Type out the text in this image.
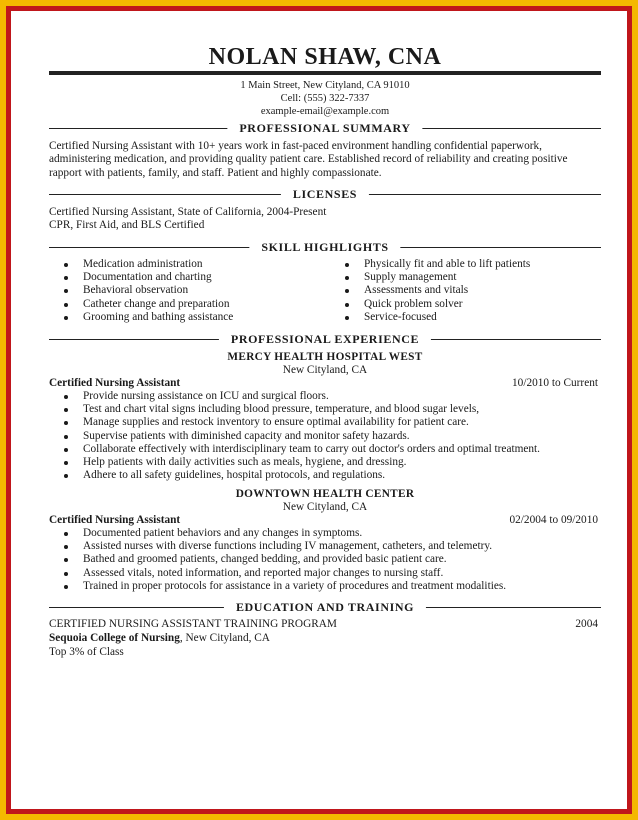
NOLAN SHAW, CNA
1 Main Street, New Cityland, CA 91010
Cell: (555) 322-7337
example-email@example.com
PROFESSIONAL SUMMARY
Certified Nursing Assistant with 10+ years work in fast-paced environment handling confidential paperwork,
administering medication, and providing quality patient care. Established record of reliability and creating positive
rapport with patients, family, and staff. Patient and highly compassionate.
LICENSES
Certified Nursing Assistant, State of California, 2004-Present
CPR, First Aid, and BLS Certified
SKILL HIGHLIGHTS
Medication administration
Documentation and charting
Behavioral observation
Catheter change and preparation
Grooming and bathing assistance
Physically fit and able to lift patients
Supply management
Assessments and vitals
Quick problem solver
Service-focused
PROFESSIONAL EXPERIENCE
MERCY HEALTH HOSPITAL WEST
New Cityland, CA
Certified Nursing Assistant	10/2010 to Current
Provide nursing assistance on ICU and surgical floors.
Test and chart vital signs including blood pressure, temperature, and blood sugar levels,
Manage supplies and restock inventory to ensure optimal availability for patient care.
Supervise patients with diminished capacity and monitor safety hazards.
Collaborate effectively with interdisciplinary team to carry out doctor's orders and optimal treatment.
Help patients with daily activities such as meals, hygiene, and dressing.
Adhere to all safety guidelines, hospital protocols, and regulations.
DOWNTOWN HEALTH CENTER
New Cityland, CA
Certified Nursing Assistant	02/2004 to 09/2010
Documented patient behaviors and any changes in symptoms.
Assisted nurses with diverse functions including IV management, catheters, and telemetry.
Bathed and groomed patients, changed bedding, and provided basic patient care.
Assessed vitals, noted information, and reported major changes to nursing staff.
Trained in proper protocols for assistance in a variety of procedures and treatment modalities.
EDUCATION AND TRAINING
CERTIFIED NURSING ASSISTANT TRAINING PROGRAM	2004
Sequoia College of Nursing, New Cityland, CA
Top 3% of Class
